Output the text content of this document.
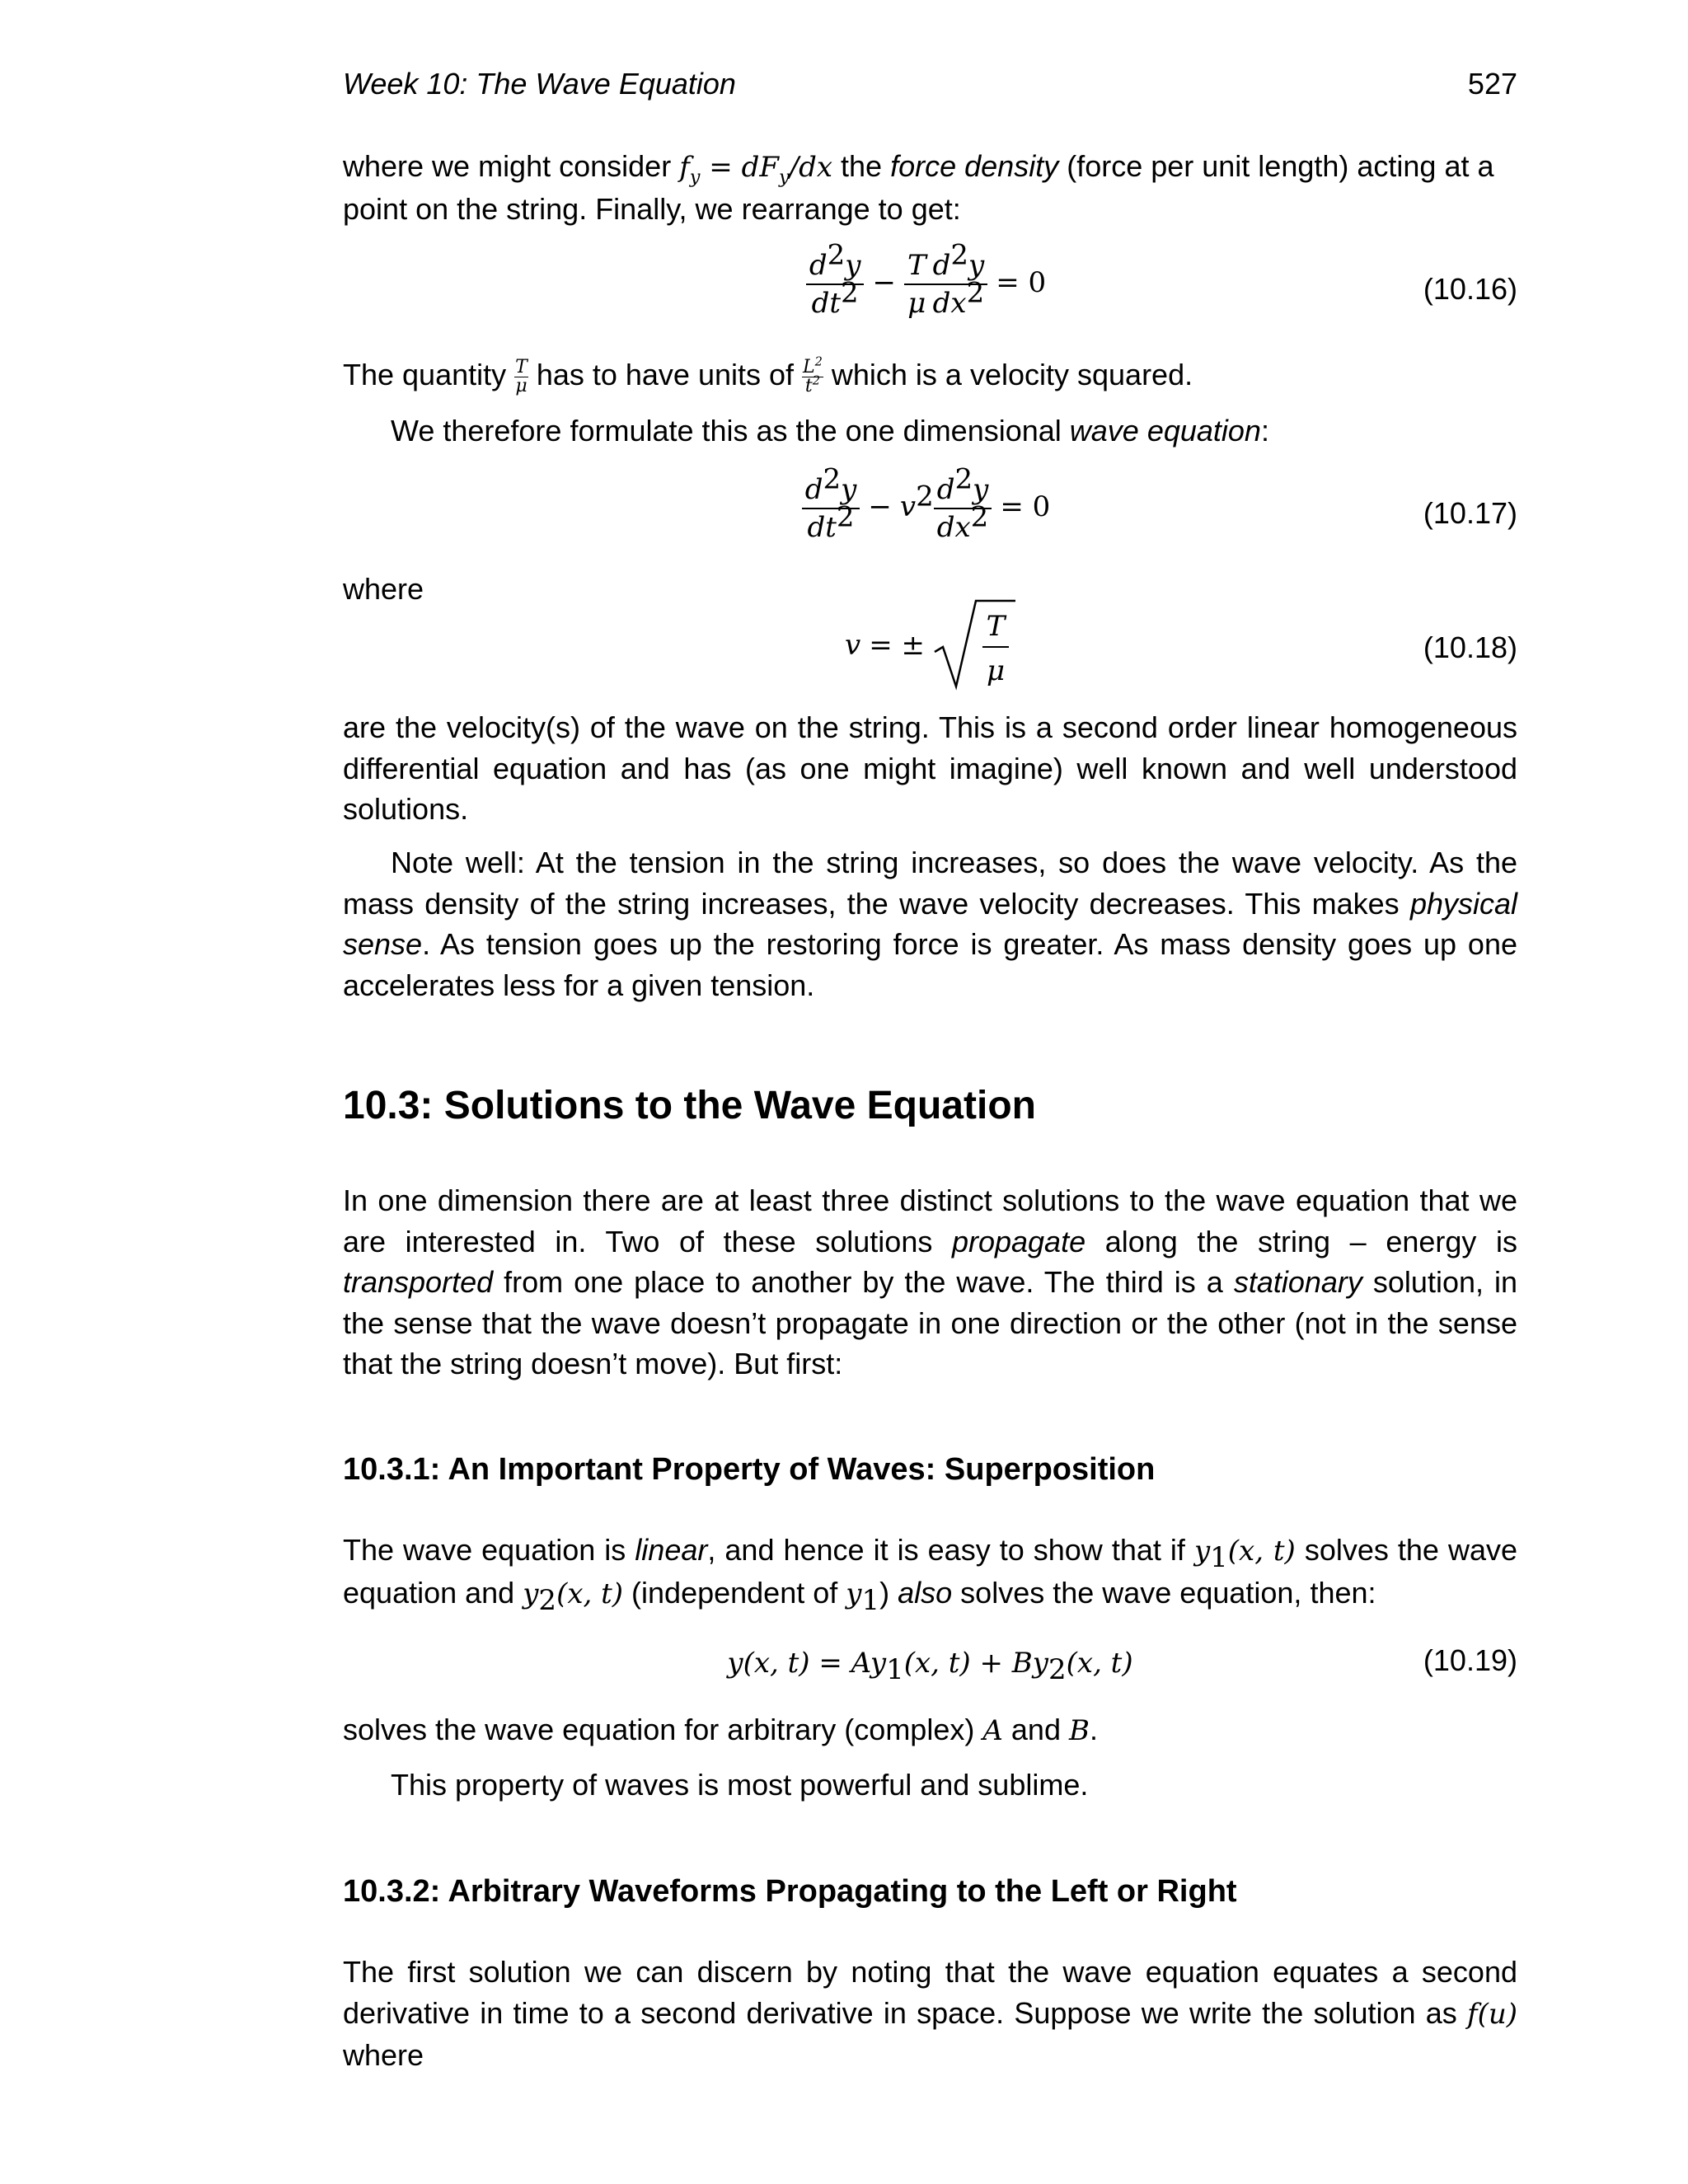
Week 10: The Wave Equation	527
where we might consider $f_y = dF_y/dx$ the force density (force per unit length) acting at a point on the string. Finally, we rearrange to get:
$\frac{d^2y}{dt^2} - \frac{T}{\mu} \frac{d^2y}{dx^2} = 0$	(10.16)
The quantity $\frac{T}{\mu}$ has to have units of $\frac{L^2}{t^2}$ which is a velocity squared.
We therefore formulate this as the one dimensional wave equation:
$\frac{d^2y}{dt^2} - v^2 \frac{d^2y}{dx^2} = 0$	(10.17)
where
v = ±
T
μ
(10.18)
are the velocity(s) of the wave on the string. This is a second order linear homogeneous differential equation and has (as one might imagine) well known and well understood solutions.
Note well: At the tension in the string increases, so does the wave velocity. As the mass density of the string increases, the wave velocity decreases. This makes physical sense. As tension goes up the restoring force is greater. As mass density goes up one accelerates less for a given tension.
10.3: Solutions to the Wave Equation
In one dimension there are at least three distinct solutions to the wave equation that we are interested in. Two of these solutions propagate along the string – energy is transported from one place to another by the wave. The third is a stationary solution, in the sense that the wave doesn’t propagate in one direction or the other (not in the sense that the string doesn’t move). But first:
10.3.1: An Important Property of Waves: Superposition
The wave equation is linear, and hence it is easy to show that if $y_1(x$, t) solves the wave equation and $y_2(x$, t) (independent of $y_1$) also solves the wave equation, then:
y(x, $t) = Ay_1(x$, $t) + By_2(x$, t)	(10.19)
solves the wave equation for arbitrary (complex) A and B.
This property of waves is most powerful and sublime.
10.3.2: Arbitrary Waveforms Propagating to the Left or Right
The first solution we can discern by noting that the wave equation equates a second derivative in time to a second derivative in space. Suppose we write the solution as f(u) where
